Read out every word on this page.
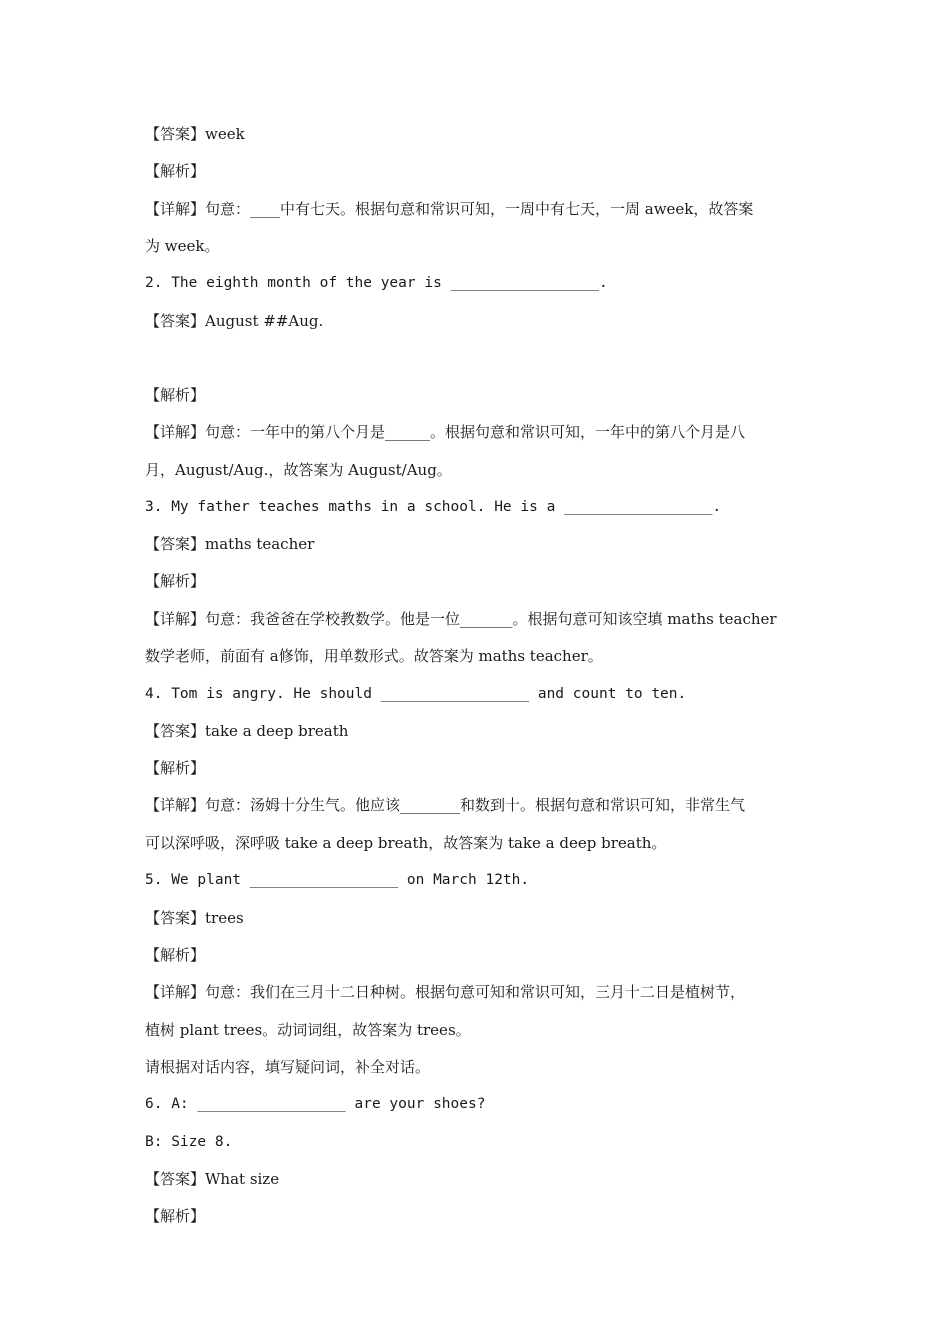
【答案】week
【解析】
【详解】句意：____中有七天。根据句意和常识可知，一周中有七天，一周 aweek，故答案
为 week。
2. The eighth month of the year is _________________.
【答案】August ##Aug.
【解析】
【详解】句意：一年中的第八个月是______。根据句意和常识可知，一年中的第八个月是八
月，August/Aug.，故答案为 August/Aug。
3. My father teaches maths in a school. He is a _________________.
【答案】maths teacher
【解析】
【详解】句意：我爸爸在学校教数学。他是一位_______。根据句意可知该空填 maths teacher
数学老师，前面有 a修饰，用单数形式。故答案为 maths teacher。
4. Tom is angry. He should _________________ and count to ten.
【答案】take a deep breath
【解析】
【详解】句意：汤姆十分生气。他应该________和数到十。根据句意和常识可知，非常生气
可以深呼吸，深呼吸 take a deep breath，故答案为 take a deep breath。
5. We plant _________________ on March 12th.
【答案】trees
【解析】
【详解】句意：我们在三月十二日种树。根据句意可知和常识可知，三月十二日是植树节，
植树 plant trees。动词词组，故答案为 trees。
请根据对话内容，填写疑问词，补全对话。
6. A: _________________ are your shoes?
B: Size 8.
【答案】What size
【解析】
